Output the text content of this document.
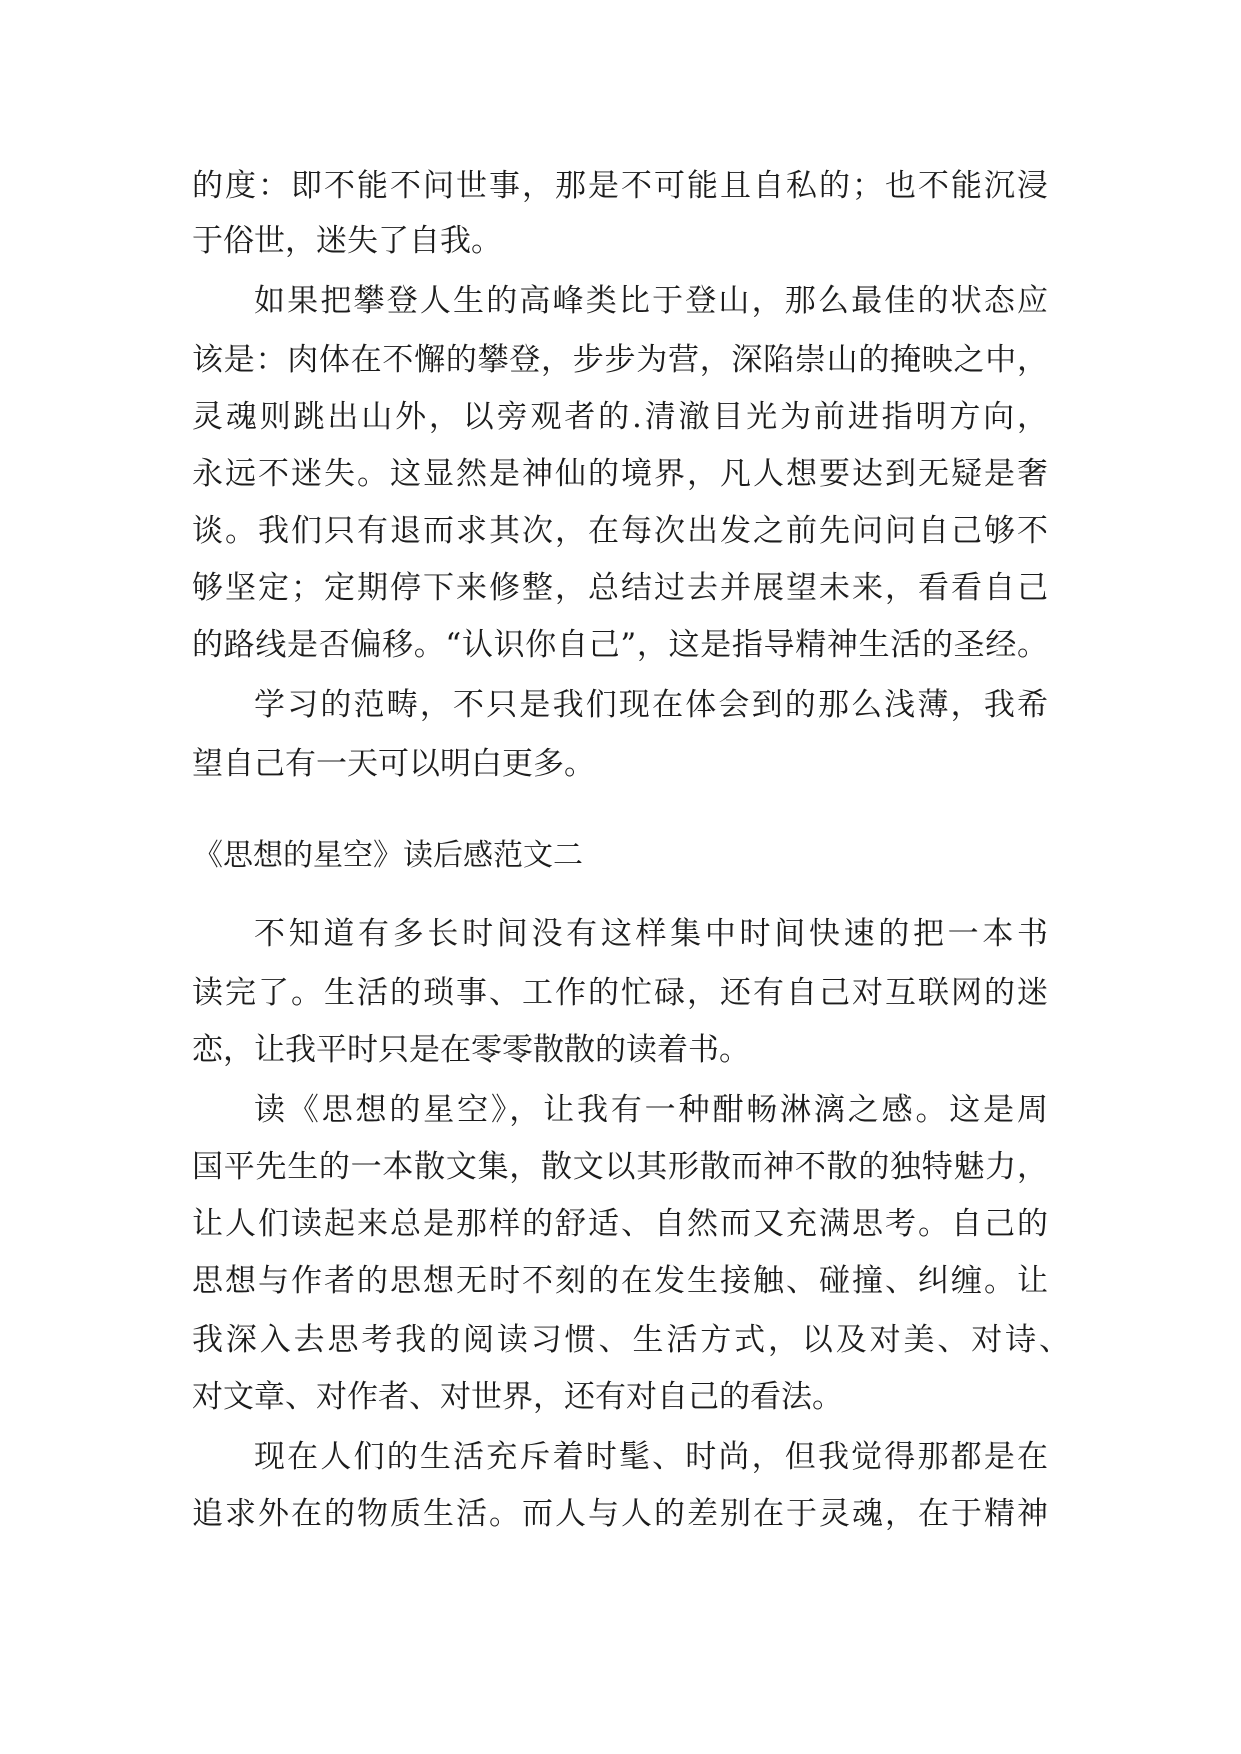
的度：即不能不问世事，那是不可能且自私的；也不能沉浸
于俗世，迷失了自我。
如果把攀登人生的高峰类比于登山，那么最佳的状态应
该是：肉体在不懈的攀登，步步为营，深陷崇山的掩映之中，
灵魂则跳出山外，以旁观者的.清澈目光为前进指明方向，
永远不迷失。这显然是神仙的境界，凡人想要达到无疑是奢
谈。我们只有退而求其次，在每次出发之前先问问自己够不
够坚定；定期停下来修整，总结过去并展望未来，看看自己
的路线是否偏移。“认识你自己”，这是指导精神生活的圣经。
学习的范畴，不只是我们现在体会到的那么浅薄，我希
望自己有一天可以明白更多。
《思想的星空》读后感范文二
不知道有多长时间没有这样集中时间快速的把一本书
读完了。生活的琐事、工作的忙碌，还有自己对互联网的迷
恋，让我平时只是在零零散散的读着书。
读《思想的星空》，让我有一种酣畅淋漓之感。这是周
国平先生的一本散文集，散文以其形散而神不散的独特魅力，
让人们读起来总是那样的舒适、自然而又充满思考。自己的
思想与作者的思想无时不刻的在发生接触、碰撞、纠缠。让
我深入去思考我的阅读习惯、生活方式，以及对美、对诗、
对文章、对作者、对世界，还有对自己的看法。
现在人们的生活充斥着时髦、时尚，但我觉得那都是在
追求外在的物质生活。而人与人的差别在于灵魂，在于精神
